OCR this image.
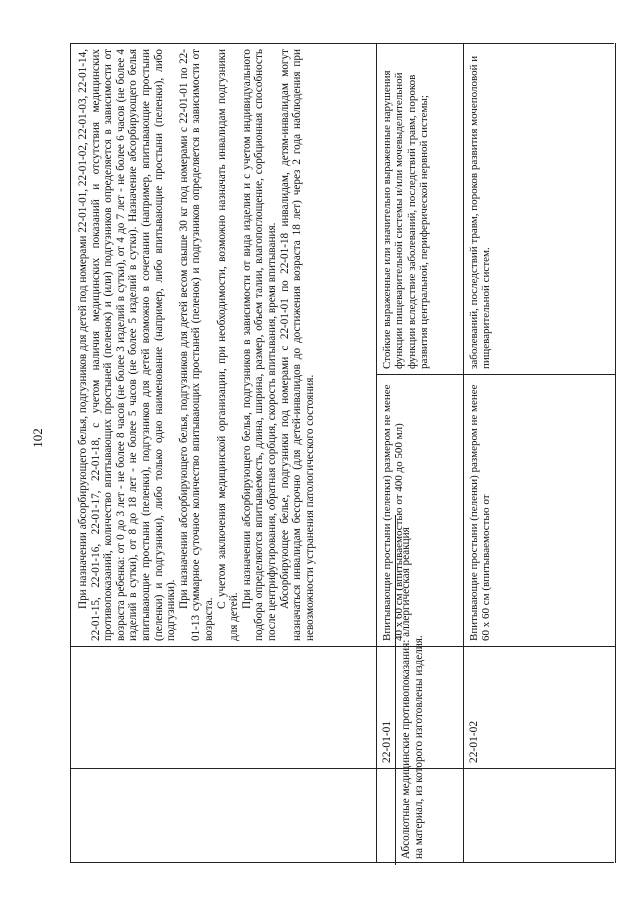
102	При назначении абсорбирующего белья, подгузников для детей под номерами 22-01-01, 22-01-02, 22-01-03, 22-01-14, 22-01-15, 22-01-16, 22-01-17, 22-01-18, с учетом наличия медицинских показаний и отсутствия медицинских противопоказаний, количество впитывающих простыней (пеленок) и (или) подгузников определяется в зависимости от возраста ребенка: от 0 до 3 лет - не более 8 часов (не более 3 изделий в сутки), от 4 до 7 лет - не более 6 часов (не более 4 изделий в сутки), от 8 до 18 лет - не более 5 часов (не более 5 изделий в сутки). Назначение абсорбирующего белья впитывающие простыни (пеленки), подгузников для детей возможно в сочетании (например, впитывающие простыни (пеленки) и подгузники), либо только одно наименование (например, либо впитывающие простыни (пеленки), либо подгузники).

При назначении абсорбирующего белья, подгузников для детей весом свыше 30 кг под номерами с 22-01-01 по 22-01-13 суммарное суточное количество впитывающих простыней (пеленок) и подгузников определяется в зависимости от возраста.

С учетом заключения медицинской организации, при необходимости, возможно назначать инвалидам подгузники для детей.

При назначении абсорбирующего белья, подгузников в зависимости от вида изделия и с учетом индивидуального подбора определяются впитываемость, длина, ширина, размер, объем талии, влагопоглощение, сорбционная способность после центрифугирования, обратная сорбция, скорость впитывания, время впитывания. Абсорбирующее белье, подгузники под номерами с 22-01-01 по 22-01-18 инвалидам, детям-инвалидам могут назначаться инвалидам бессрочно (для детей-инвалидов до достижения возраста 18 лет) через 2 года наблюдения при невозможности устранения патологического состояния.

22-01-01
Впитывающие простыни (пеленки) размером не менее 40 х 60 см (впитываемостью от 400 до 500 мл)
Стойкие выраженные или значительно выраженные нарушения функции пищеварительной системы и/или мочевыделительной функции вследствие заболеваний, последствий травм, пороков развития центральной, периферической нервной системы;
22-01-02
Впитывающие простыни (пеленки) размером не менее 60 х 60 см (впитываемостью от
заболеваний, последствий травм, пороков развития мочеполовой и пищеварительной систем.
Абсолютные медицинские противопоказания: аллергическая реакция на материал, из которого изготовлены изделия.
